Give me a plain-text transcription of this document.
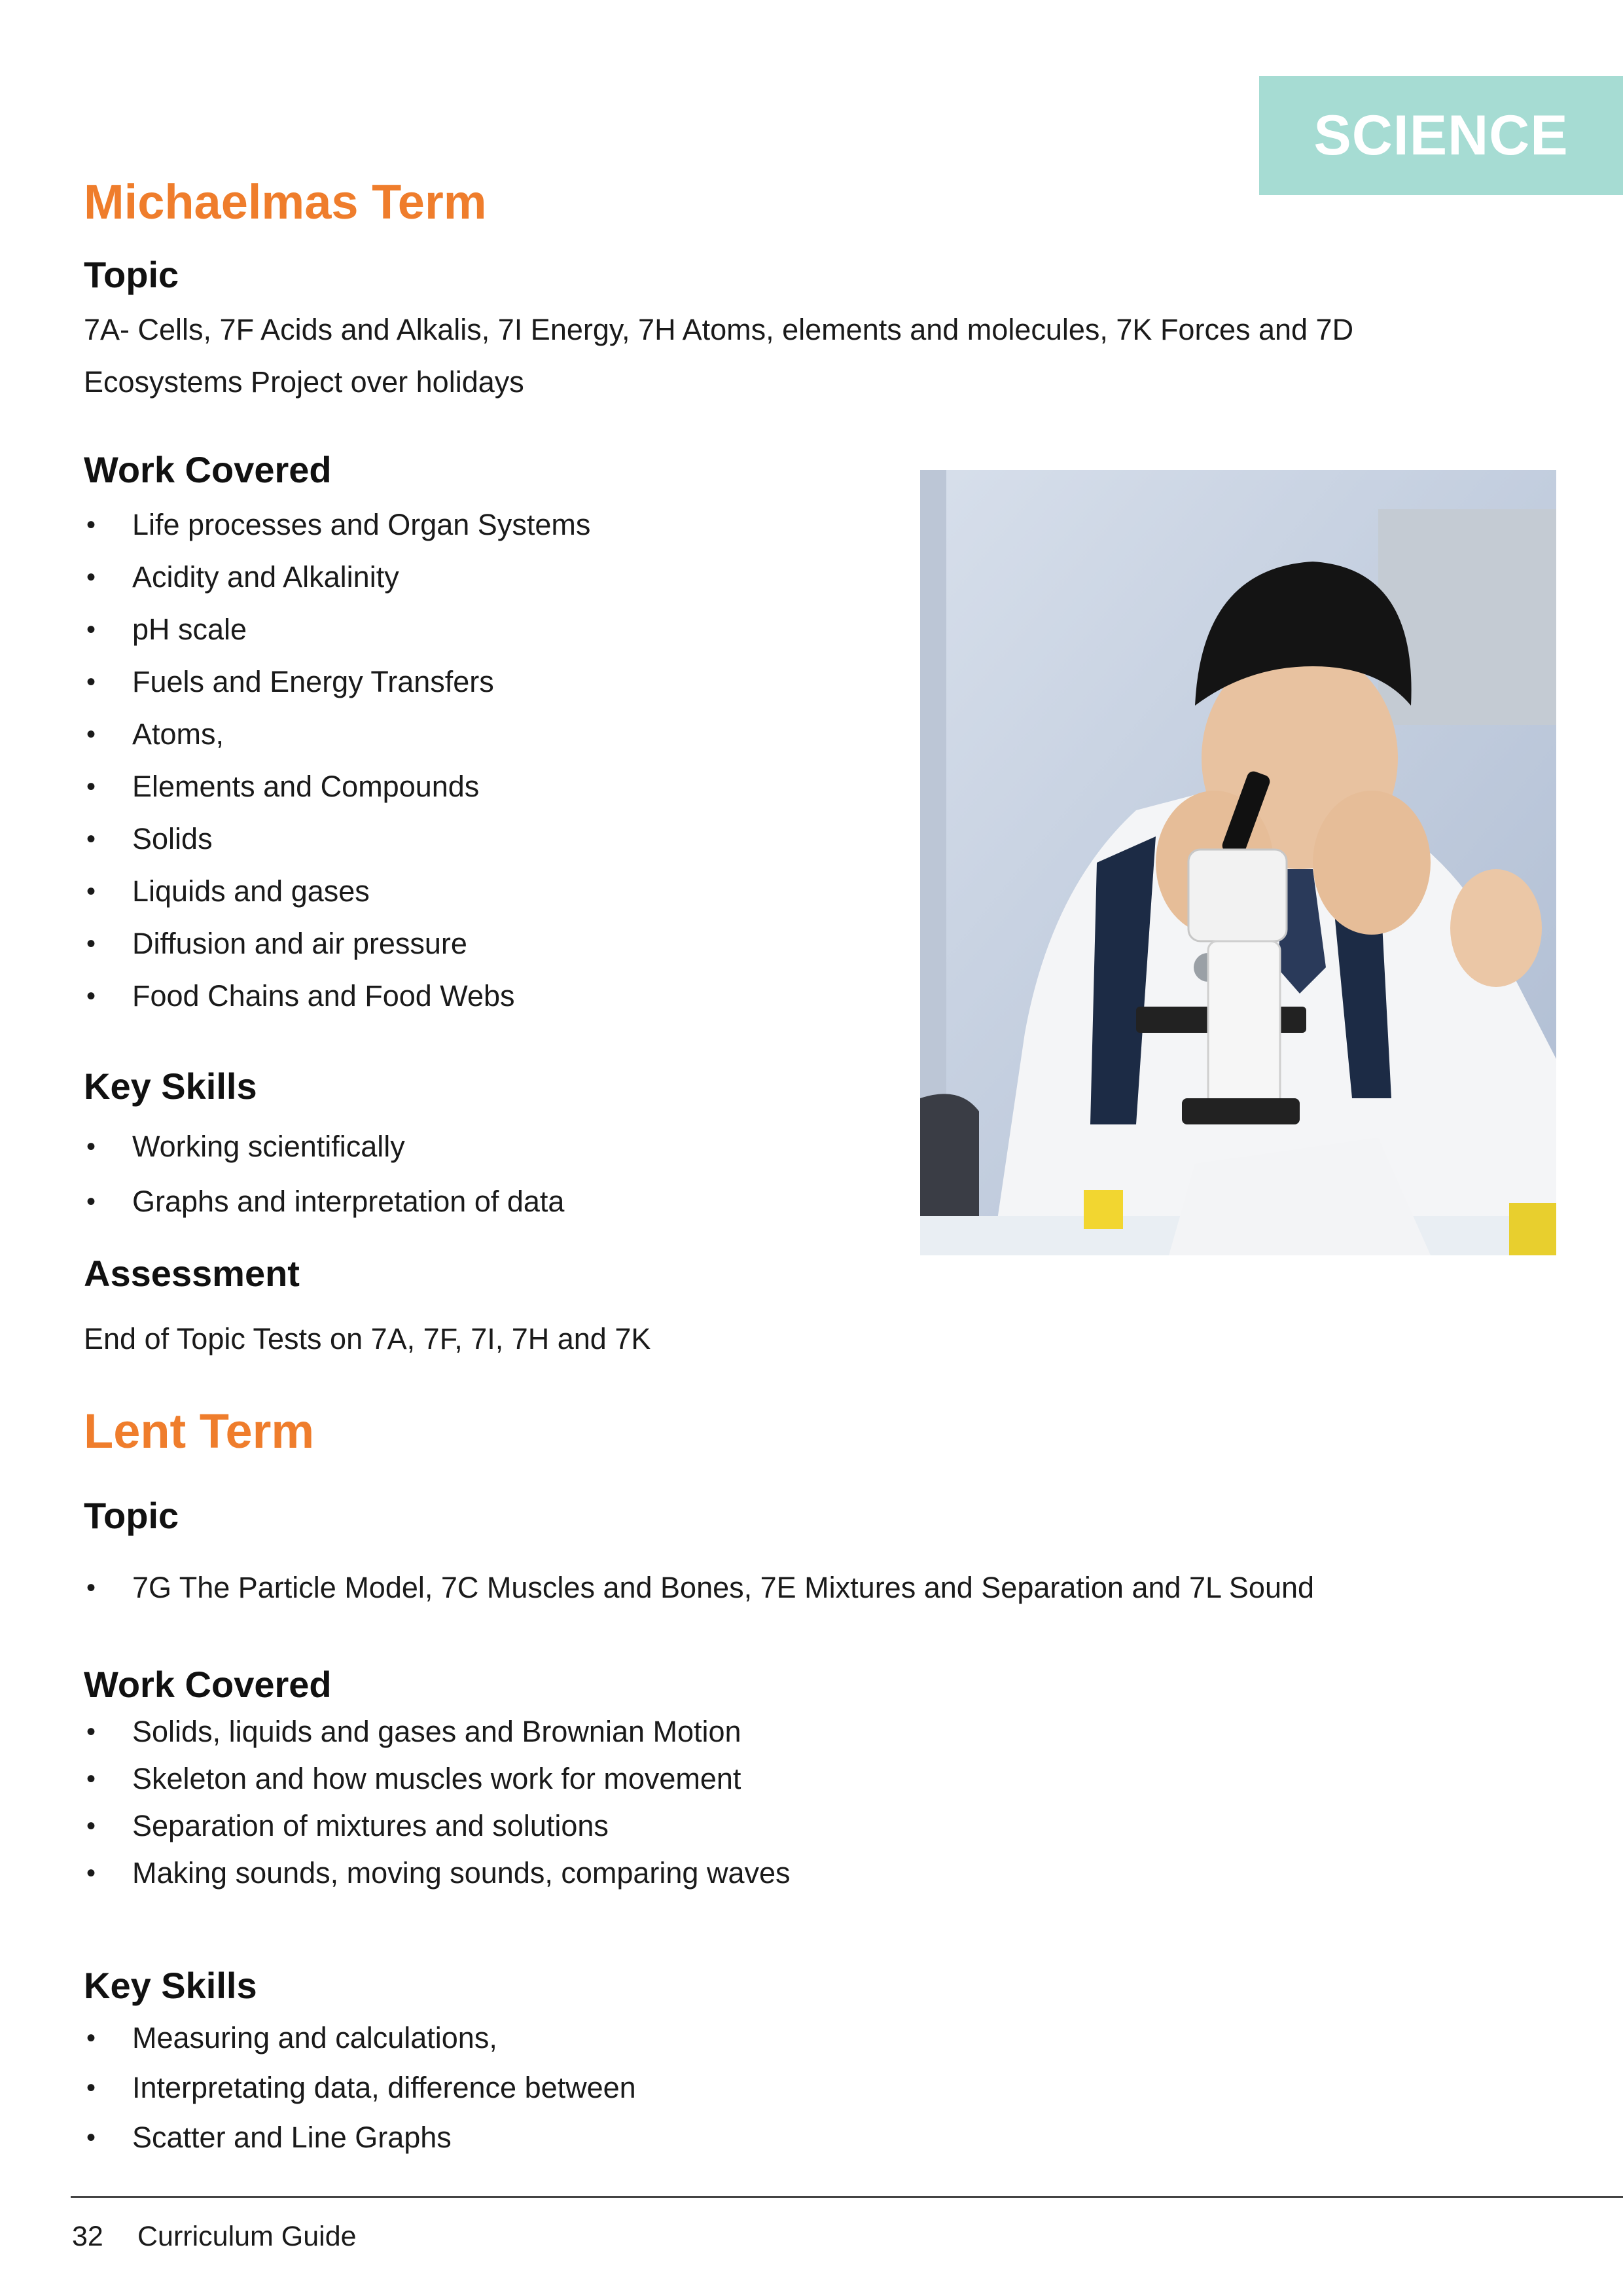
SCIENCE
Michaelmas Term
Topic
7A- Cells, 7F Acids and Alkalis, 7I Energy, 7H Atoms, elements and molecules, 7K Forces and 7D
Ecosystems Project over holidays
Work Covered
• Life processes and Organ Systems
• Acidity and Alkalinity
• pH scale
• Fuels and Energy Transfers
• Atoms,
• Elements and Compounds
• Solids
• Liquids and gases
• Diffusion and air pressure
• Food Chains and Food Webs
Key Skills
• Working scientifically
• Graphs and interpretation of data
Assessment
End of Topic Tests on 7A, 7F, 7I, 7H and 7K
Lent Term
Topic
• 7G The Particle Model, 7C Muscles and Bones, 7E Mixtures and Separation and 7L Sound
Work Covered
• Solids, liquids and gases and Brownian Motion
• Skeleton and how muscles work for movement
• Separation of mixtures and solutions
• Making sounds, moving sounds, comparing waves
Key Skills
• Measuring and calculations,
• Interpretating data, difference between
• Scatter and Line Graphs
32 Curriculum Guide
